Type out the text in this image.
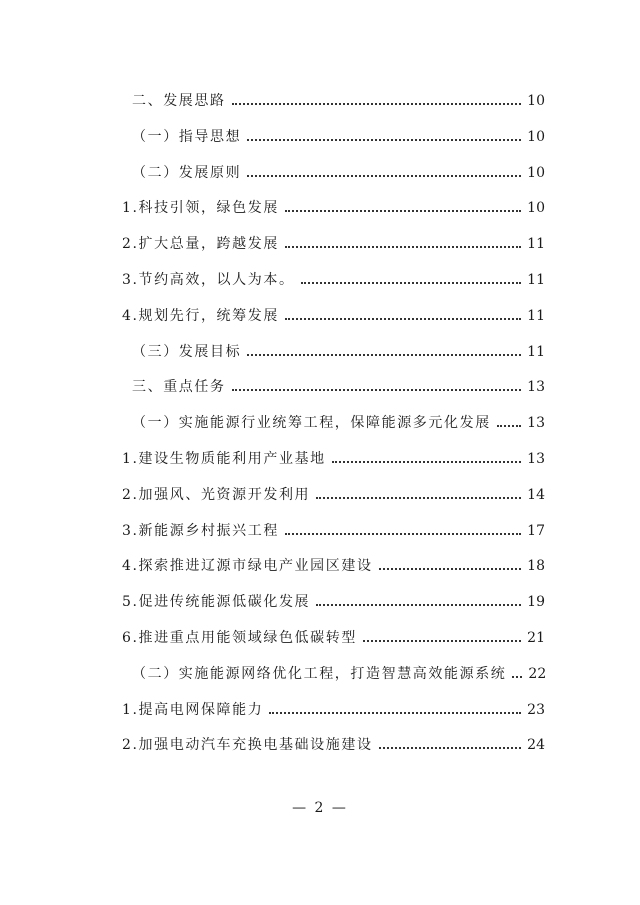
二、发展思路	10
（一）指导思想	10
（二）发展原则	10
1.科技引领，绿色发展	10
2.扩大总量，跨越发展	11
3.节约高效，以人为本。	11
4.规划先行，统筹发展	11
（三）发展目标	11
三、重点任务	13
（一）实施能源行业统筹工程，保障能源多元化发展	13
1.建设生物质能利用产业基地	13
2.加强风、光资源开发利用	14
3.新能源乡村振兴工程	17
4.探索推进辽源市绿电产业园区建设	18
5.促进传统能源低碳化发展	19
6.推进重点用能领域绿色低碳转型	21
（二）实施能源网络优化工程，打造智慧高效能源系统 22
1.提高电网保障能力	23
2.加强电动汽车充换电基础设施建设	24
— 2 —
